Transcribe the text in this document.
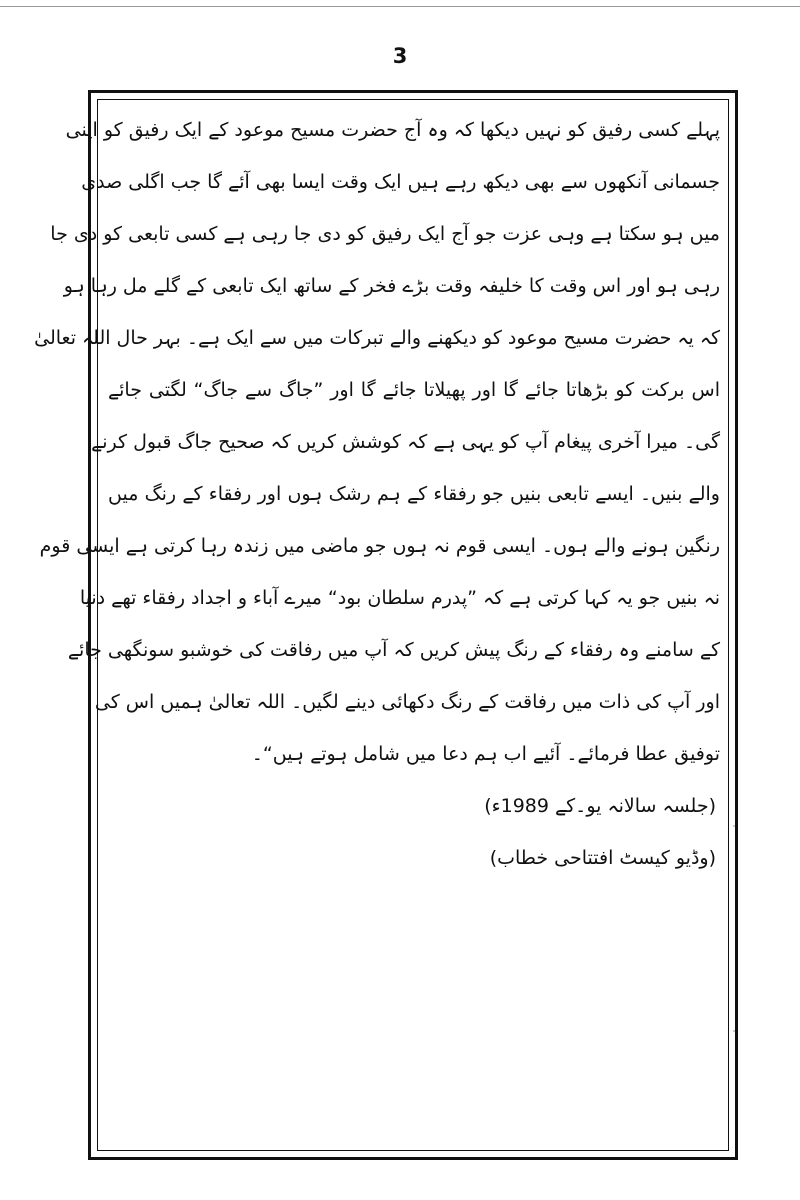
3
پہلے کسی رفیق کو نہیں دیکھا کہ وہ آج حضرت مسیح موعود کے ایک رفیق کو اپنی
جسمانی آنکھوں سے بھی دیکھ رہے ہیں ایک وقت ایسا بھی آئے گا جب اگلی صدی
میں ہو سکتا ہے وہی عزت جو آج ایک رفیق کو دی جا رہی ہے کسی تابعی کو دی جا
رہی ہو اور اس وقت کا خلیفہ وقت بڑے فخر کے ساتھ ایک تابعی کے گلے مل رہا ہو
کہ یہ حضرت مسیح موعود کو دیکھنے والے تبرکات میں سے ایک ہے۔ بہر حال اللہ تعالیٰ
اس برکت کو بڑھاتا جائے گا اور پھیلاتا جائے گا اور ”جاگ سے جاگ“ لگتی جائے
گی۔ میرا آخری پیغام آپ کو یہی ہے کہ کوشش کریں کہ صحیح جاگ قبول کرنے
والے بنیں۔ ایسے تابعی بنیں جو رفقاء کے ہم رشک ہوں اور رفقاء کے رنگ میں
رنگین ہونے والے ہوں۔ ایسی قوم نہ ہوں جو ماضی میں زندہ رہا کرتی ہے ایسی قوم
نہ بنیں جو یہ کہا کرتی ہے کہ ”پدرم سلطان بود“ میرے آباء و اجداد رفقاء تھے دنیا
کے سامنے وہ رفقاء کے رنگ پیش کریں کہ آپ میں رفاقت کی خوشبو سونگھی جائے
اور آپ کی ذات میں رفاقت کے رنگ دکھائی دینے لگیں۔ اللہ تعالیٰ ہمیں اس کی
توفیق عطا فرمائے۔ آئیے اب ہم دعا میں شامل ہوتے ہیں“۔
(جلسہ سالانہ یو۔کے 1989ء)
(وڈیو کیسٹ افتتاحی خطاب)
